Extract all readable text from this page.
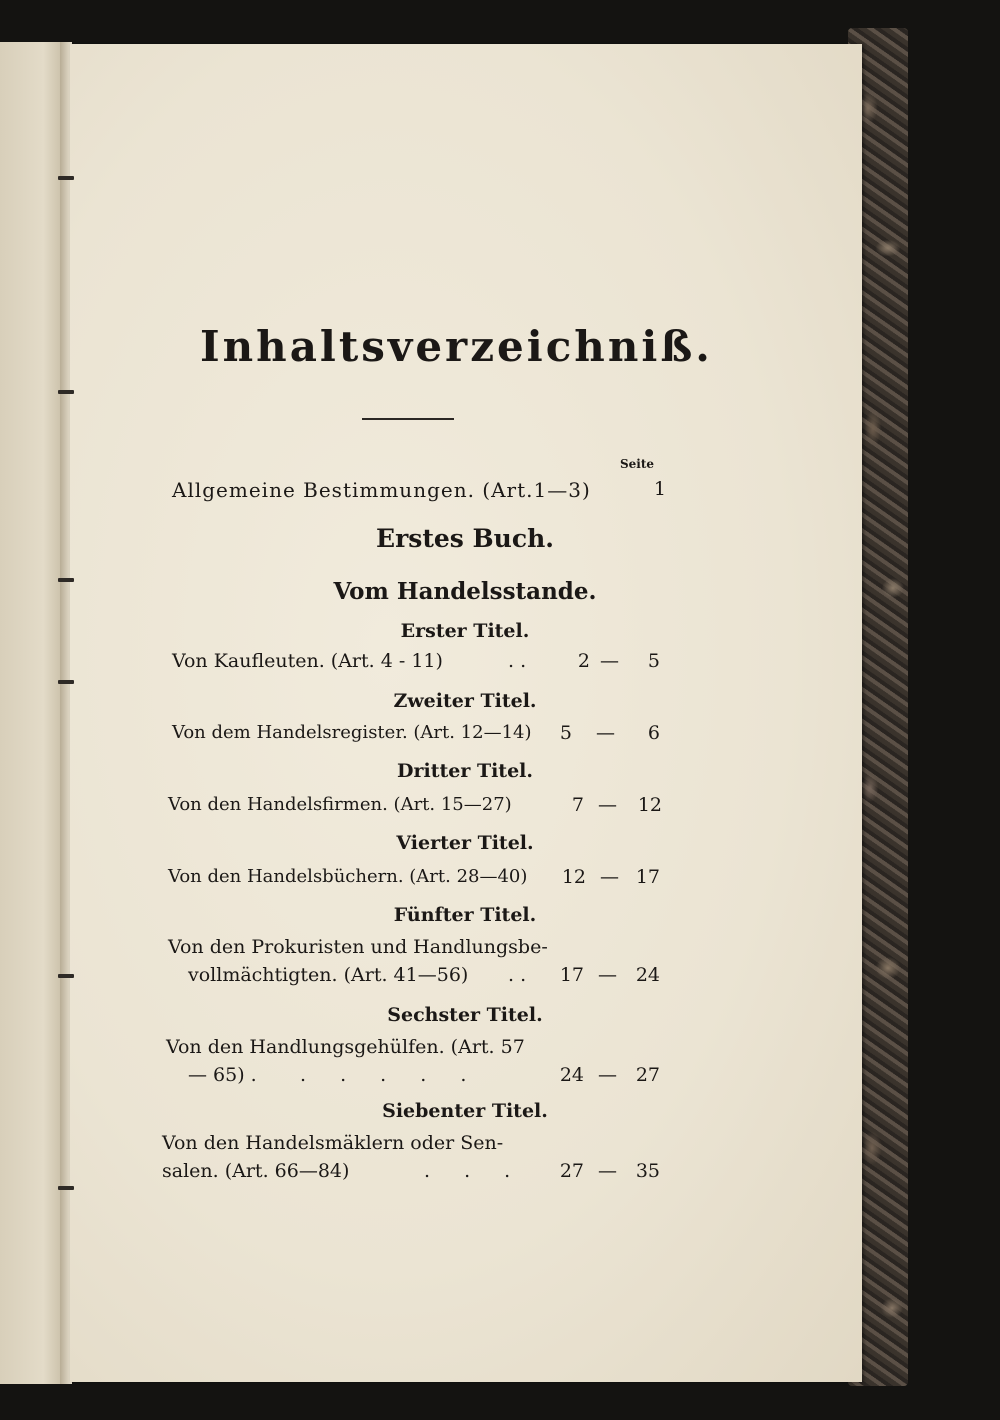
Inhaltsverzeichniß.
Seite
Allgemeine Bestimmungen. (Art.1—3)	1
Erstes Buch.
Vom Handelsstande.
Erster Titel.
Von Kaufleuten. (Art. 4 - 11)	. .	2 —	5
Zweiter Titel.
Von dem Handelsregister. (Art. 12—14)	5 —	6
Dritter Titel.
Von den Handelsfirmen. (Art. 15—27)	7 —	12
Vierter Titel.
Von den Handelsbüchern. (Art. 28—40)	12 — 17
Fünfter Titel.
Von den Prokuristen und Handlungsbe-
vollmächtigten. (Art. 41—56) . .	17 — 24
Sechster Titel.
Von den Handlungsgehülfen. (Art. 57
— 65) . . . . . .	24 — 27
Siebenter Titel.
Von den Handelsmäklern oder Sen-
salen. (Art. 66—84)	. . .	27 — 35
